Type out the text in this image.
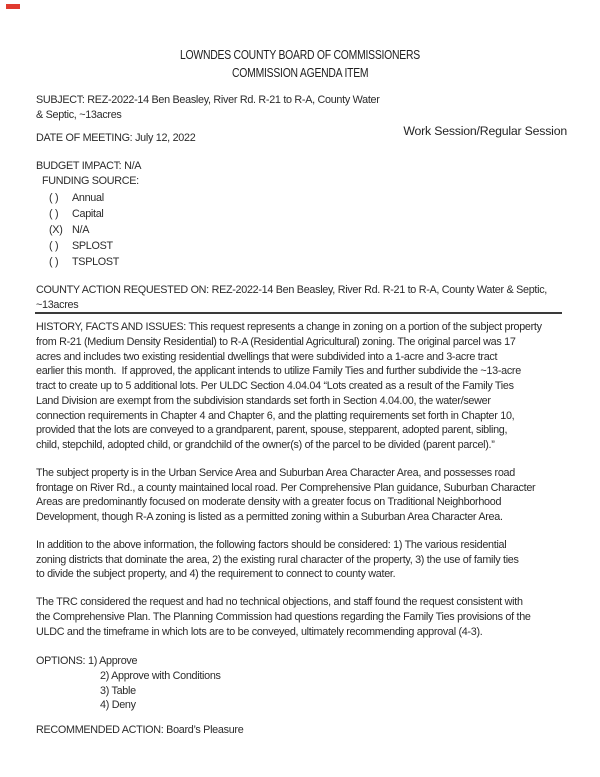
LOWNDES COUNTY BOARD OF COMMISSIONERS
COMMISSION AGENDA ITEM
SUBJECT: REZ-2022-14 Ben Beasley, River Rd. R-21 to R-A, County Water
& Septic, ~13acres
Work Session/Regular Session
DATE OF MEETING: July 12, 2022
BUDGET IMPACT: N/A
FUNDING SOURCE:
( ) Annual
( ) Capital
(X) N/A
( ) SPLOST
( ) TSPLOST
COUNTY ACTION REQUESTED ON: REZ-2022-14 Ben Beasley, River Rd. R-21 to R-A, County Water & Septic,
~13acres
HISTORY, FACTS AND ISSUES: This request represents a change in zoning on a portion of the subject property
from R-21 (Medium Density Residential) to R-A (Residential Agricultural) zoning. The original parcel was 17
acres and includes two existing residential dwellings that were subdivided into a 1-acre and 3-acre tract
earlier this month.  If approved, the applicant intends to utilize Family Ties and further subdivide the ~13-acre
tract to create up to 5 additional lots. Per ULDC Section 4.04.04 “Lots created as a result of the Family Ties
Land Division are exempt from the subdivision standards set forth in Section 4.04.00, the water/sewer
connection requirements in Chapter 4 and Chapter 6, and the platting requirements set forth in Chapter 10,
provided that the lots are conveyed to a grandparent, parent, spouse, stepparent, adopted parent, sibling,
child, stepchild, adopted child, or grandchild of the owner(s) of the parcel to be divided (parent parcel).”
The subject property is in the Urban Service Area and Suburban Area Character Area, and possesses road
frontage on River Rd., a county maintained local road. Per Comprehensive Plan guidance, Suburban Character
Areas are predominantly focused on moderate density with a greater focus on Traditional Neighborhood
Development, though R-A zoning is listed as a permitted zoning within a Suburban Area Character Area.
In addition to the above information, the following factors should be considered: 1) The various residential
zoning districts that dominate the area, 2) the existing rural character of the property, 3) the use of family ties
to divide the subject property, and 4) the requirement to connect to county water.
The TRC considered the request and had no technical objections, and staff found the request consistent with
the Comprehensive Plan. The Planning Commission had questions regarding the Family Ties provisions of the
ULDC and the timeframe in which lots are to be conveyed, ultimately recommending approval (4-3).
OPTIONS: 1) Approve
2) Approve with Conditions
3) Table
4) Deny
RECOMMENDED ACTION: Board’s Pleasure
